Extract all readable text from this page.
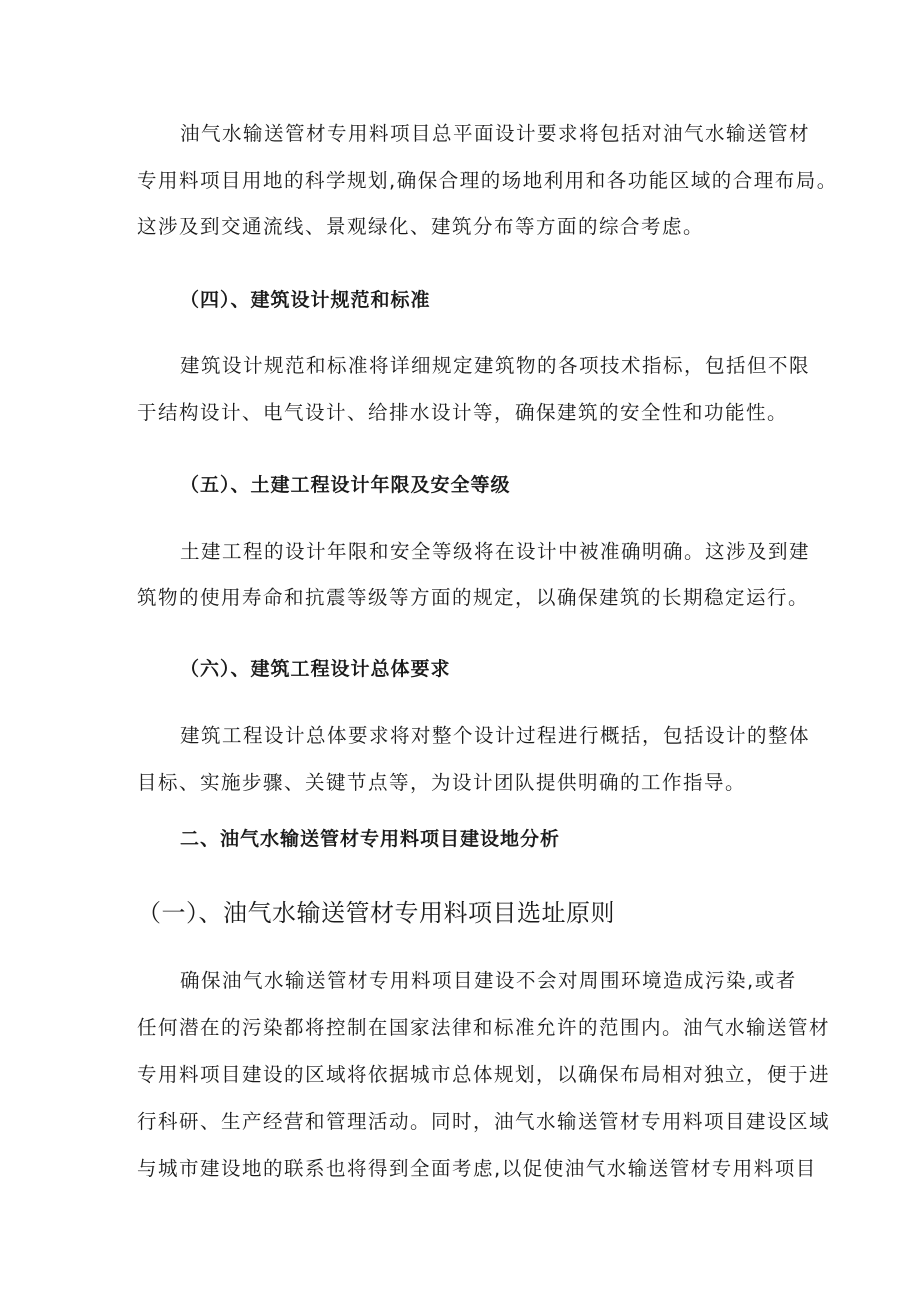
油气水输送管材专用料项目总平面设计要求将包括对油气水输送管材
专用料项目用地的科学规划,确保合理的场地利用和各功能区域的合理布局。
这涉及到交通流线、景观绿化、建筑分布等方面的综合考虑。
（四）、建筑设计规范和标准
建筑设计规范和标准将详细规定建筑物的各项技术指标，包括但不限
于结构设计、电气设计、给排水设计等，确保建筑的安全性和功能性。
（五）、土建工程设计年限及安全等级
土建工程的设计年限和安全等级将在设计中被准确明确。这涉及到建
筑物的使用寿命和抗震等级等方面的规定，以确保建筑的长期稳定运行。
（六）、建筑工程设计总体要求
建筑工程设计总体要求将对整个设计过程进行概括，包括设计的整体
目标、实施步骤、关键节点等，为设计团队提供明确的工作指导。
二、油气水输送管材专用料项目建设地分析
（一）、油气水输送管材专用料项目选址原则
确保油气水输送管材专用料项目建设不会对周围环境造成污染,或者
任何潜在的污染都将控制在国家法律和标准允许的范围内。油气水输送管材
专用料项目建设的区域将依据城市总体规划，以确保布局相对独立，便于进
行科研、生产经营和管理活动。同时，油气水输送管材专用料项目建设区域
与城市建设地的联系也将得到全面考虑,以促使油气水输送管材专用料项目
